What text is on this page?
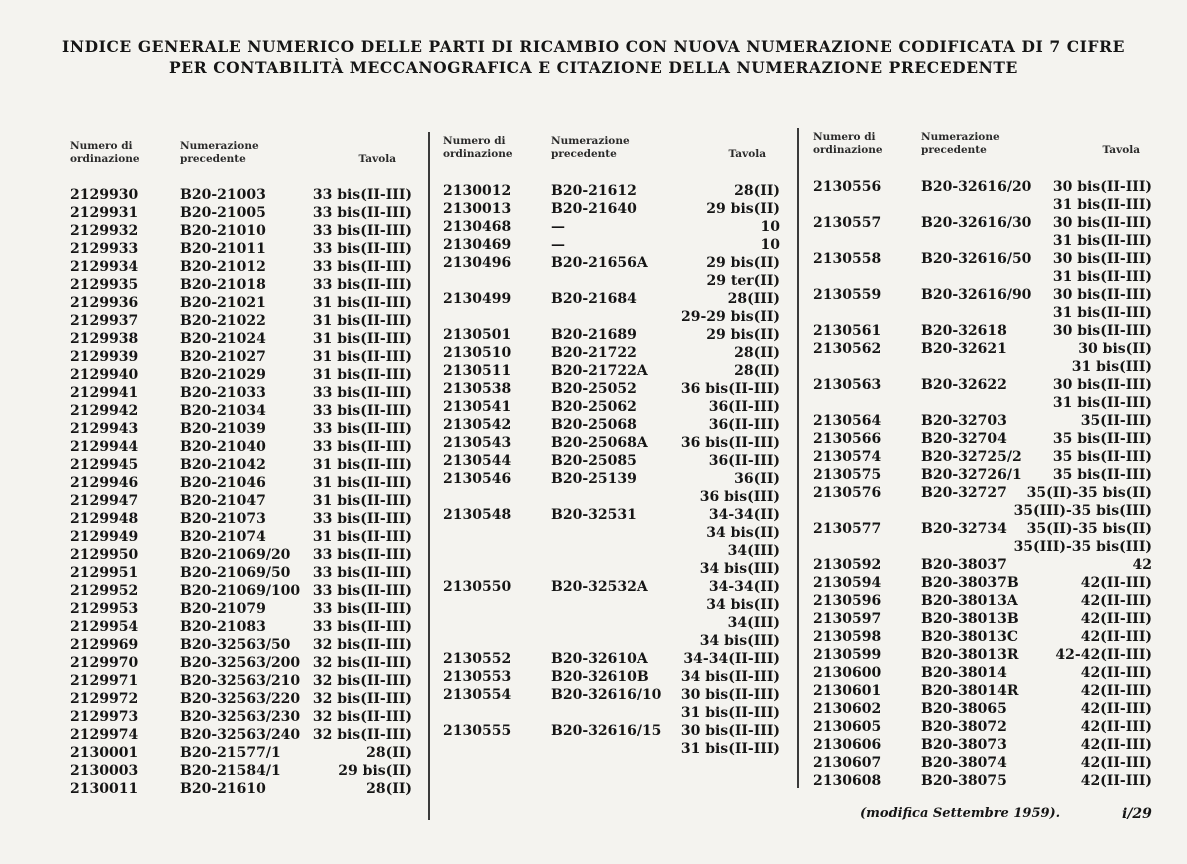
INDICE GENERALE NUMERICO DELLE PARTI DI RICAMBIO CON NUOVA NUMERAZIONE CODIFICATA DI 7 CIFRE
PER CONTABILITÀ MECCANOGRAFICA E CITAZIONE DELLA NUMERAZIONE PRECEDENTE
Numero di
ordinazione
Numerazione
precedente	Tavola
2129930	B20-21003	33 bis(II-III)
2129931	B20-21005	33 bis(II-III)
2129932	B20-21010	33 bis(II-III)
2129933	B20-21011	33 bis(II-III)
2129934	B20-21012	33 bis(II-III)
2129935	B20-21018	33 bis(II-III)
2129936	B20-21021	31 bis(II-III)
2129937	B20-21022	31 bis(II-III)
2129938	B20-21024	31 bis(II-III)
2129939	B20-21027	31 bis(II-III)
2129940	B20-21029	31 bis(II-III)
2129941	B20-21033	33 bis(II-III)
2129942	B20-21034	33 bis(II-III)
2129943	B20-21039	33 bis(II-III)
2129944	B20-21040	33 bis(II-III)
2129945	B20-21042	31 bis(II-III)
2129946	B20-21046	31 bis(II-III)
2129947	B20-21047	31 bis(II-III)
2129948	B20-21073	33 bis(II-III)
2129949	B20-21074	31 bis(II-III)
2129950	B20-21069/20 33 bis(II-III)
2129951	B20-21069/50 33 bis(II-III)
2129952	B20-21069/100 33 bis(II-III)
2129953	B20-21079	33 bis(II-III)
2129954	B20-21083	33 bis(II-III)
2129969	B20-32563/50 32 bis(II-III)
2129970	B20-32563/200 32 bis(II-III)
2129971	B20-32563/210 32 bis(II-III)
2129972	B20-32563/220 32 bis(II-III)
2129973	B20-32563/230 32 bis(II-III)
2129974	B20-32563/240 32 bis(II-III)
2130001	B20-21577/1	28(II)
2130003	B20-21584/1	29 bis(II)
2130011	B20-21610	28(II)
Numero di
ordinazione
Numerazione
precedente	Tavola
2130012	B20-21612	28(II)
2130013	B20-21640	29 bis(II)
2130468	—	10
2130469	—	10
2130496	B20-21656A	29 bis(II)
29 ter(II)
2130499	B20-21684	28(III)
29-29 bis(II)
2130501	B20-21689	29 bis(II)
2130510	B20-21722	28(II)
2130511	B20-21722A	28(II)
2130538	B20-25052	36 bis(II-III)
2130541	B20-25062	36(II-III)
2130542	B20-25068	36(II-III)
2130543	B20-25068A 36 bis(II-III)
2130544	B20-25085	36(II-III)
2130546	B20-25139	36(II)
36 bis(III)
2130548	B20-32531	34-34(II)
34 bis(II)
34(III)
34 bis(III)
2130550	B20-32532A	34-34(II)
34 bis(II)
34(III)
34 bis(III)
2130552	B20-32610A	34-34(II-III)
2130553	B20-32610B 34 bis(II-III)
2130554	B20-32616/10 30 bis(II-III)
31 bis(II-III)
2130555	B20-32616/15 30 bis(II-III)
31 bis(II-III)
Numero di
ordinazione
Numerazione
precedente	Tavola
2130556	B20-32616/20 30 bis(II-III)
31 bis(II-III)
2130557	B20-32616/30 30 bis(II-III)
31 bis(II-III)
2130558	B20-32616/50 30 bis(II-III)
31 bis(II-III)
2130559	B20-32616/90 30 bis(II-III)
31 bis(II-III)
2130561	B20-32618	30 bis(II-III)
2130562	B20-32621	30 bis(II)
31 bis(III)
2130563	B20-32622	30 bis(II-III)
31 bis(II-III)
2130564	B20-32703	35(II-III)
2130566	B20-32704	35 bis(II-III)
2130574	B20-32725/2 35 bis(II-III)
2130575	B20-32726/1 35 bis(II-III)
2130576	B20-32727 35(II)-35 bis(II)
35(III)-35 bis(III)
2130577	B20-32734 35(II)-35 bis(II)
35(III)-35 bis(III)
2130592	B20-38037	42
2130594	B20-38037B	42(II-III)
2130596	B20-38013A	42(II-III)
2130597	B20-38013B	42(II-III)
2130598	B20-38013C	42(II-III)
2130599	B20-38013R	42-42(II-III)
2130600	B20-38014	42(II-III)
2130601	B20-38014R	42(II-III)
2130602	B20-38065	42(II-III)
2130605	B20-38072	42(II-III)
2130606	B20-38073	42(II-III)
2130607	B20-38074	42(II-III)
2130608	B20-38075	42(II-III)
(modifica Settembre 1959).	i/29
